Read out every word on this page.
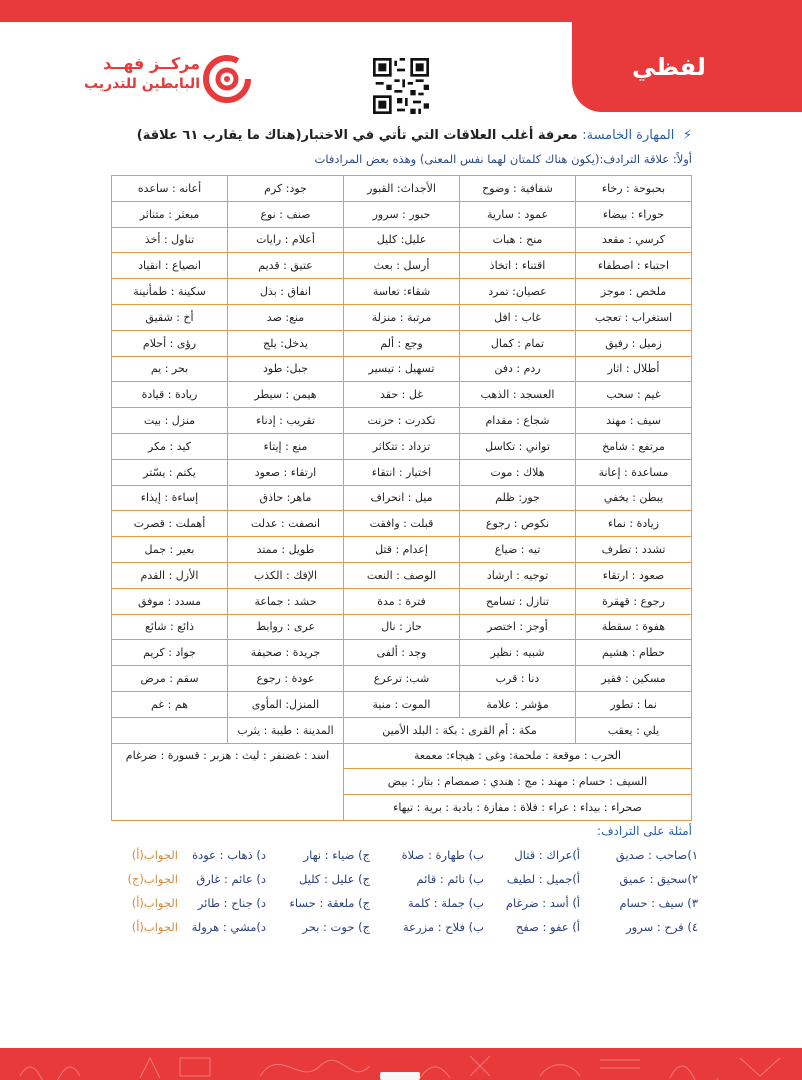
لفظي
مركــز فهــد
البابطين للتدريب
⚡ المهارة الخامسة: معرفة أغلب العلاقات التي تأتي في الاختبار(هناك ما يقارب ٦١ علاقة)
أولاً: علاقة الترادف:(يكون هناك كلمتان لهما نفس المعنى) وهذه بعض المرادفات
بحبوحة : رخاء	شفافية : وضوح	الأجداث: القبور	جود: كرم	أعانه : ساعده
حوراء : بيضاء	عمود : سارية	حبور : سرور	صنف : نوع	مبعثر : متناثر
كرسي : مقعد	منح : هبات	عليل: كليل	أعلام : رايات	تناول : أخذ
اجتباء : اصطفاء	اقتناء : اتخاذ	أرسل : بعث	عتيق : قديم	انصياع : انقياد
ملخص : موجز	عصيان: تمرد	شقاء: تعاسة	انفاق : بذل	سكينة : طمأنينة
استغراب : تعجب	غاب : افل	مرتبة : منزلة	منع: صد	أخ : شقيق
زميل : رفيق	تمام : كمال	وجع : ألم	يدخل: يلج	رؤى : أحلام
أطلال : اثار	ردم : دفن	تسهيل : تيسير	جبل: طود	بحر : يم
غيم : سحب	العسجد : الذهب	غل : حقد	هيمن : سيطر	ريادة : قيادة
سيف : مهند	شجاع : مقدام	تكدرت : حزنت	تقريب : إدناء	منزل : بيت
مرتفع : شامخ	تواني : تكاسل	تزداد : تتكاثر	منع : إيتاء	كيد : مكر
مساعدة : إعانة	هلاك : موت	اختيار : انتقاء	ارتقاء : صعود	يكتم : يسّتر
يبطن : يخفي	جور: ظلم	ميل : انحراف	ماهر: حاذق	إساءة : إيذاء
زيادة : نماء	نكوص : رجوع	قبلت : وافقت	انصفت : عدلت	أهملت : قصرت
تشدد : تطرف	تيه : ضياع	إعدام : قتل	طويل : ممتد	بعير : جمل
صعود : ارتقاء	توجيه : ارشاد	الوصف : النعت	الإفك : الكذب	الأزل : القدم
رجوع : قهقرة	تنازل : تسامح	فترة : مدة	حشد : جماعة	مسدد : موفق
هفوة : سقطة	أوجز : اختصر	حاز : نال	عرى : روابط	ذائع : شائع
حطام : هشيم	شبيه : نظير	وجد : ألفى	جريدة : صحيفة	جواد : كريم
مسكين : فقير	دنا : قرب	شب: ترعرع	عودة : رجوع	سقم : مرض
نما : تطور	مؤشر : علامة	الموت : منية	المنزل: المأوى	هم : غم
يلي : يعقب	مكة : أم القرى : بكة : البلد الأمين		المدينة : طيبة : يثرب	
الحرب : موقعة : ملحمة: وغى : هيجاء: معمعة			اسد : غضنفر : ليث : هزبر : قسورة : ضرغام	
السيف : حسام : مهند : مج : هندي : صمصام : بتار : بيض				
صحراء : بيداء : عراء : فلاة : مفازة : بادية : برية : تيهاء				
أمثلة على الترادف:
١)صاحب : صديق
أ)عراك : قتال
ب) طهارة : صلاة
ج) ضياء : نهار
د) ذهاب : عودة
الجواب(أ)
٢)سحيق : عميق
أ)جميل : لطيف
ب) نائم : قائم
ج) عليل : كليل
د) عائم : غارق
الجواب(ج)
٣) سيف : حسام
أ) أسد : ضرغام
ب) جملة : كلمة
ج) ملعقة : حساء
د) جناح : طائر
الجواب(أ)
٤) فرح : سرور
أ) عفو : صفح
ب) فلاح : مزرعة
ج) حوت : بحر
د)مشي : هرولة
الجواب(أ)
